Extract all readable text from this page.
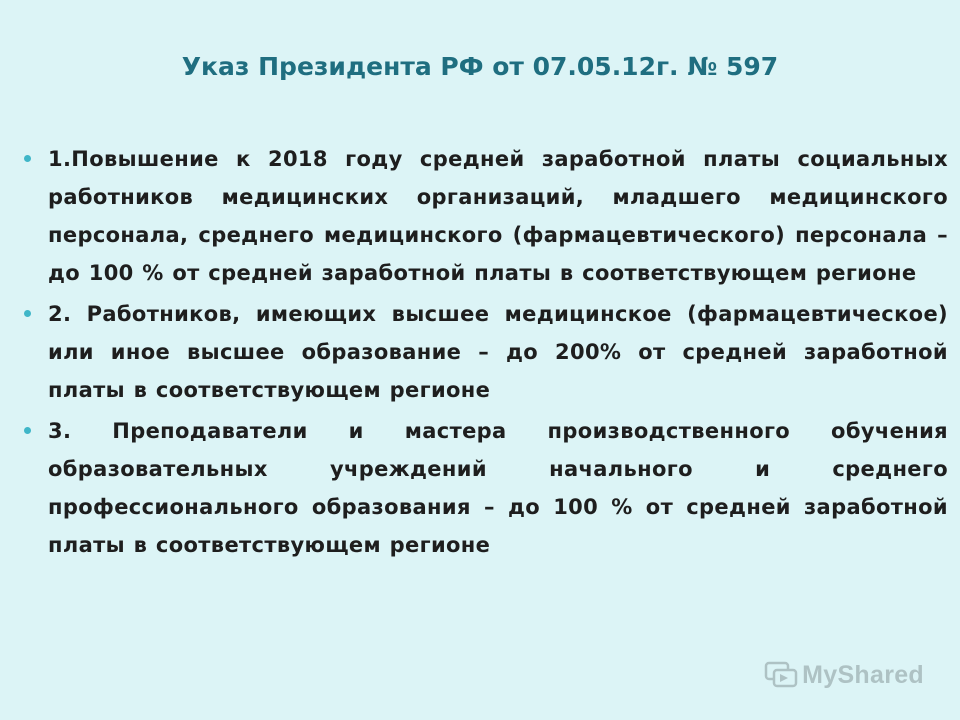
Указ Президента РФ от 07.05.12г. № 597
1.Повышение к 2018 году средней заработной платы социальных работников медицинских организаций, младшего медицинского персонала, среднего медицинского (фармацевтического) персонала – до 100 % от средней заработной платы в соответствующем регионе
2. Работников, имеющих высшее медицинское (фармацевтическое) или иное высшее образование – до 200% от средней заработной платы в соответствующем регионе
3. Преподаватели и мастера производственного обучения образовательных учреждений начального и среднего профессионального образования – до 100 % от средней заработной платы в соответствующем регионе
MyShared
